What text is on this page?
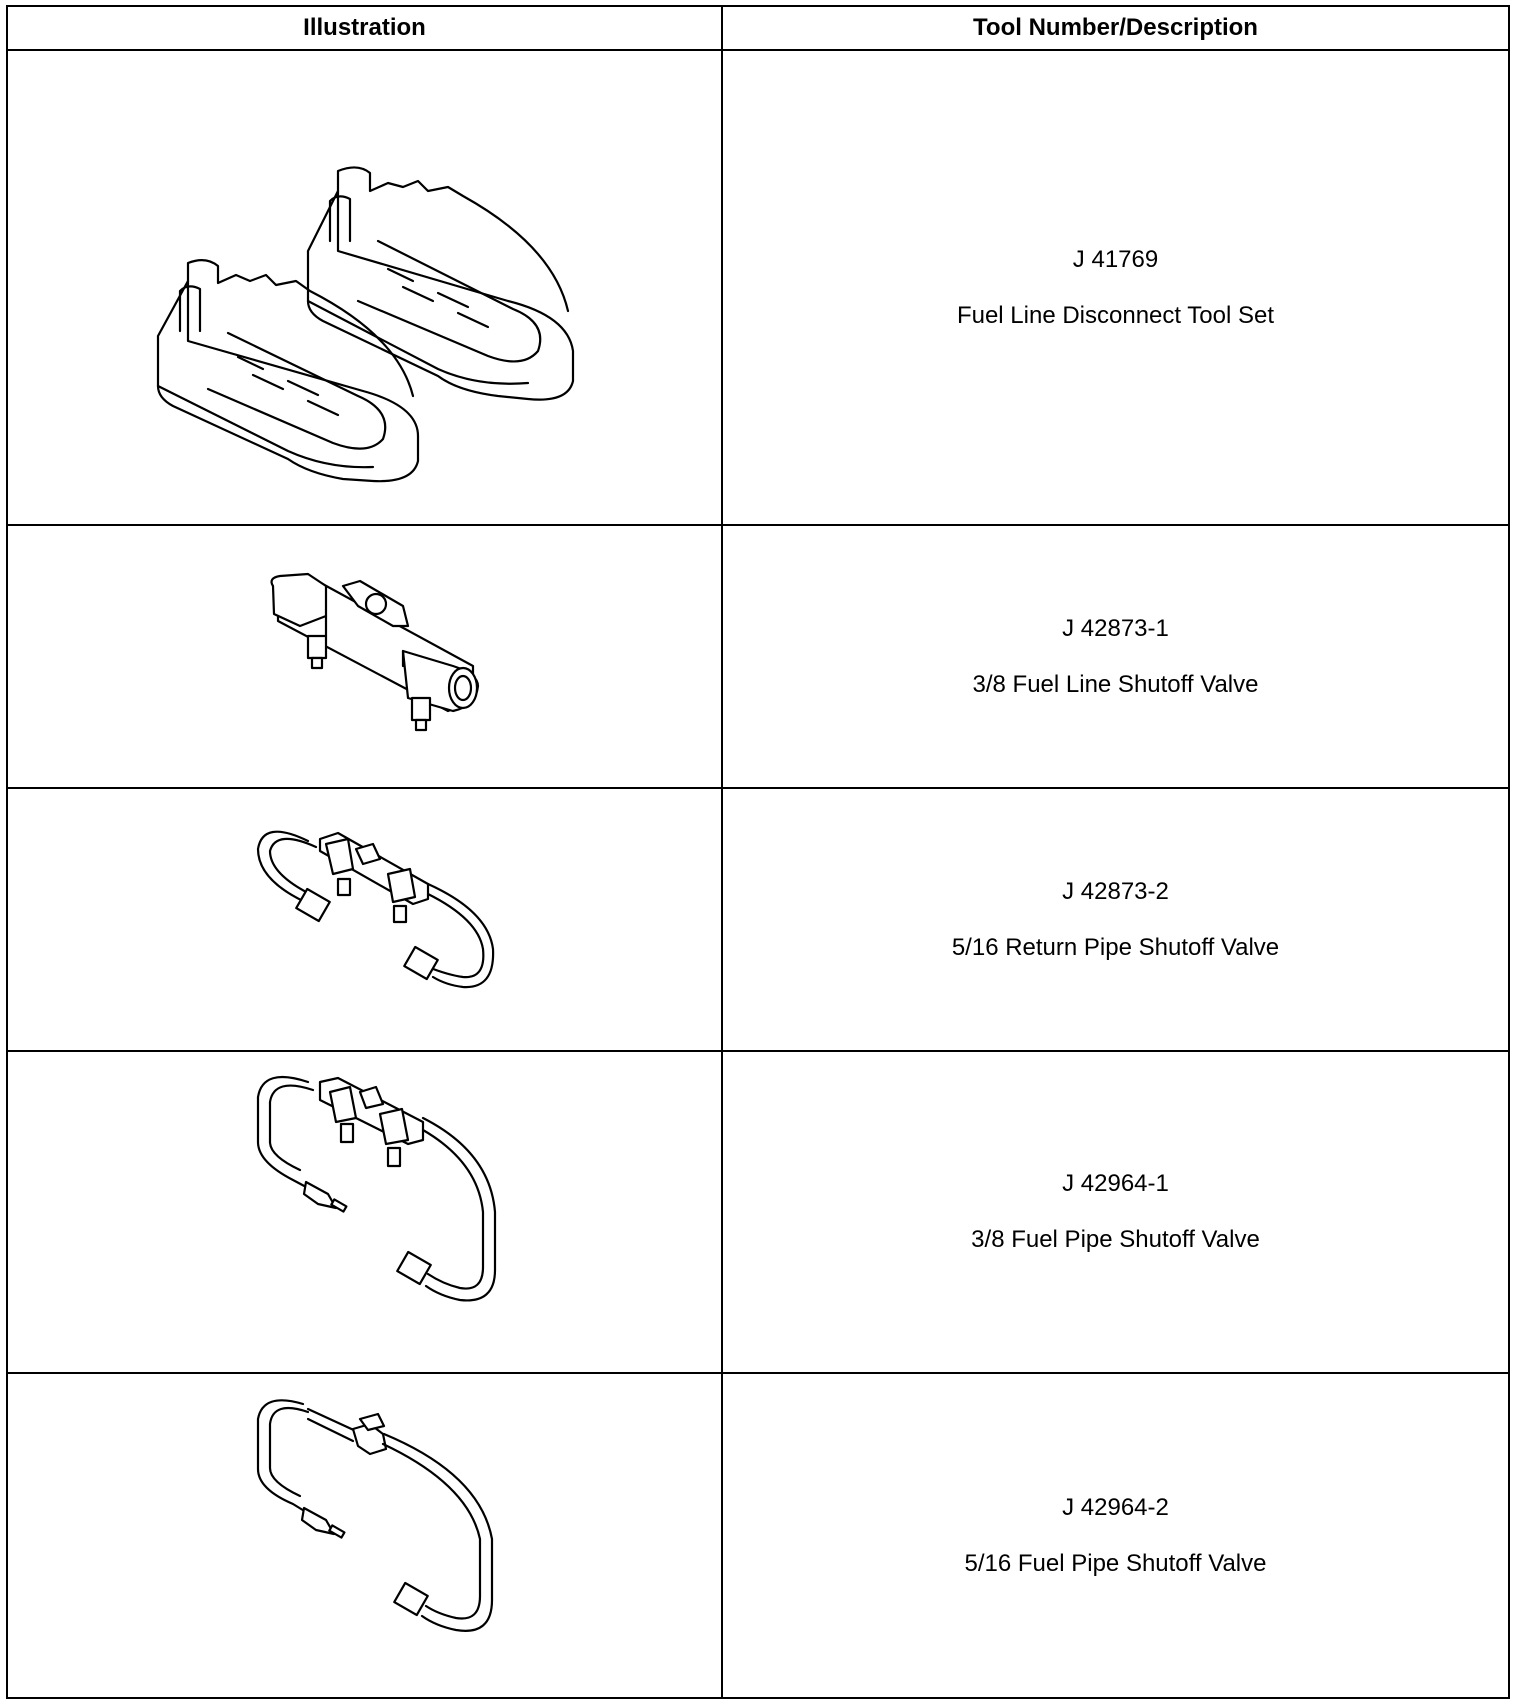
Illustration	Tool Number/Description

J 41769
Fuel Line Disconnect Tool Set

J 42873-1
3/8 Fuel Line Shutoff Valve

J 42873-2
5/16 Return Pipe Shutoff Valve

J 42964-1
3/8 Fuel Pipe Shutoff Valve

J 42964-2
5/16 Fuel Pipe Shutoff Valve
